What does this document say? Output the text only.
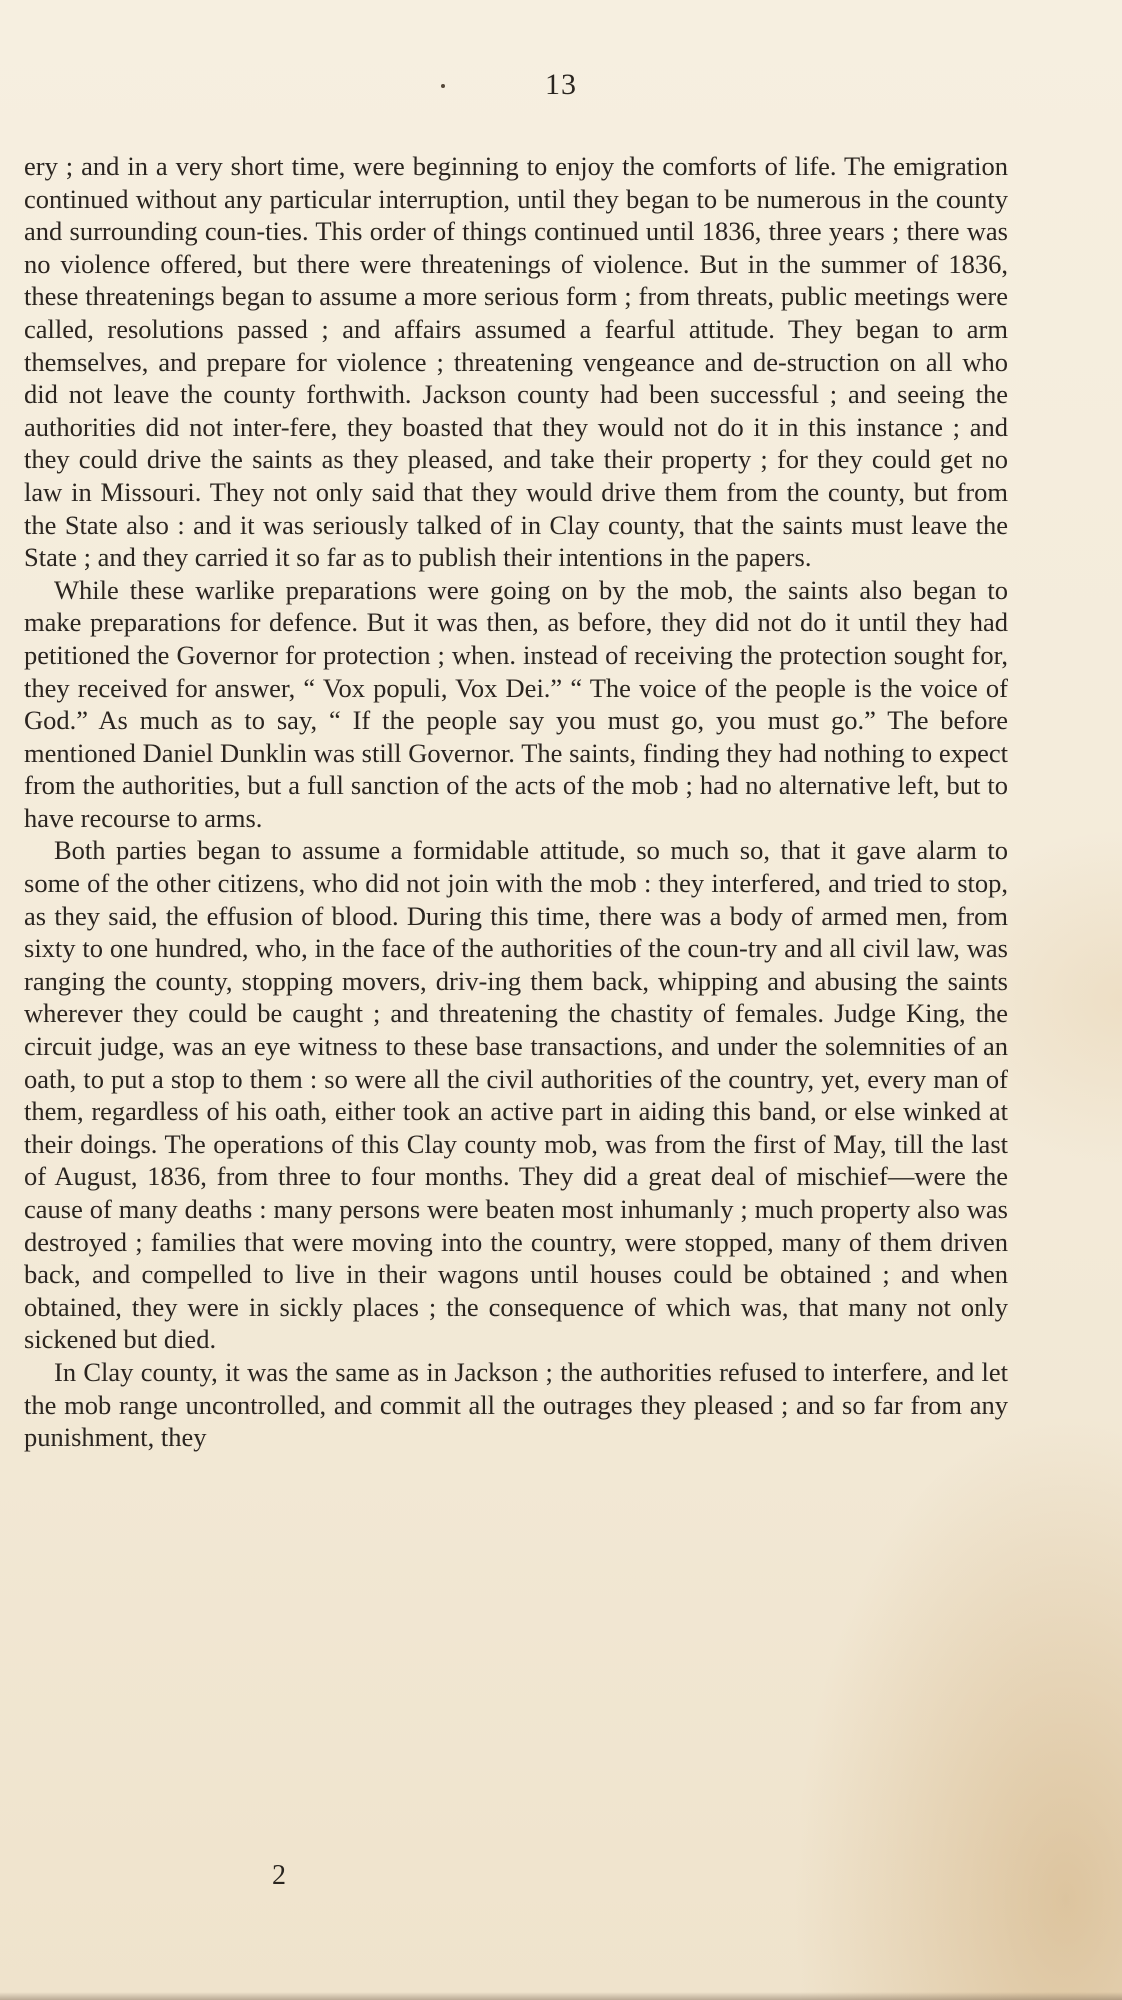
13

ery ; and in a very short time, were beginning to enjoy the comforts of life. The emigration continued without any particular interruption, until they began to be numerous in the county and surrounding coun-ties. This order of things continued until 1836, three years ; there was no violence offered, but there were threatenings of violence. But in the summer of 1836, these threatenings began to assume a more serious form ; from threats, public meetings were called, resolutions passed ; and affairs assumed a fearful attitude. They began to arm themselves, and prepare for violence ; threatening vengeance and de-struction on all who did not leave the county forthwith. Jackson county had been successful ; and seeing the authorities did not inter-fere, they boasted that they would not do it in this instance ; and they could drive the saints as they pleased, and take their property ; for they could get no law in Missouri. They not only said that they would drive them from the county, but from the State also : and it was seriously talked of in Clay county, that the saints must leave the State ; and they carried it so far as to publish their intentions in the papers.

While these warlike preparations were going on by the mob, the saints also began to make preparations for defence. But it was then, as before, they did not do it until they had petitioned the Governor for protection ; when. instead of receiving the protection sought for, they received for answer, “ Vox populi, Vox Dei.” “ The voice of the people is the voice of God.” As much as to say, “ If the people say you must go, you must go.” The before mentioned Daniel Dunklin was still Governor. The saints, finding they had nothing to expect from the authorities, but a full sanction of the acts of the mob ; had no alternative left, but to have recourse to arms.

Both parties began to assume a formidable attitude, so much so, that it gave alarm to some of the other citizens, who did not join with the mob : they interfered, and tried to stop, as they said, the effusion of blood. During this time, there was a body of armed men, from sixty to one hundred, who, in the face of the authorities of the coun-try and all civil law, was ranging the county, stopping movers, driv-ing them back, whipping and abusing the saints wherever they could be caught ; and threatening the chastity of females. Judge King, the circuit judge, was an eye witness to these base transactions, and under the solemnities of an oath, to put a stop to them : so were all the civil authorities of the country, yet, every man of them, regardless of his oath, either took an active part in aiding this band, or else winked at their doings. The operations of this Clay county mob, was from the first of May, till the last of August, 1836, from three to four months. They did a great deal of mischief—were the cause of many deaths : many persons were beaten most inhumanly ; much property also was destroyed ; families that were moving into the country, were stopped, many of them driven back, and compelled to live in their wagons until houses could be obtained ; and when obtained, they were in sickly places ; the consequence of which was, that many not only sickened but died.

In Clay county, it was the same as in Jackson ; the authorities refused to interfere, and let the mob range uncontrolled, and commit all the outrages they pleased ; and so far from any punishment, they

2
